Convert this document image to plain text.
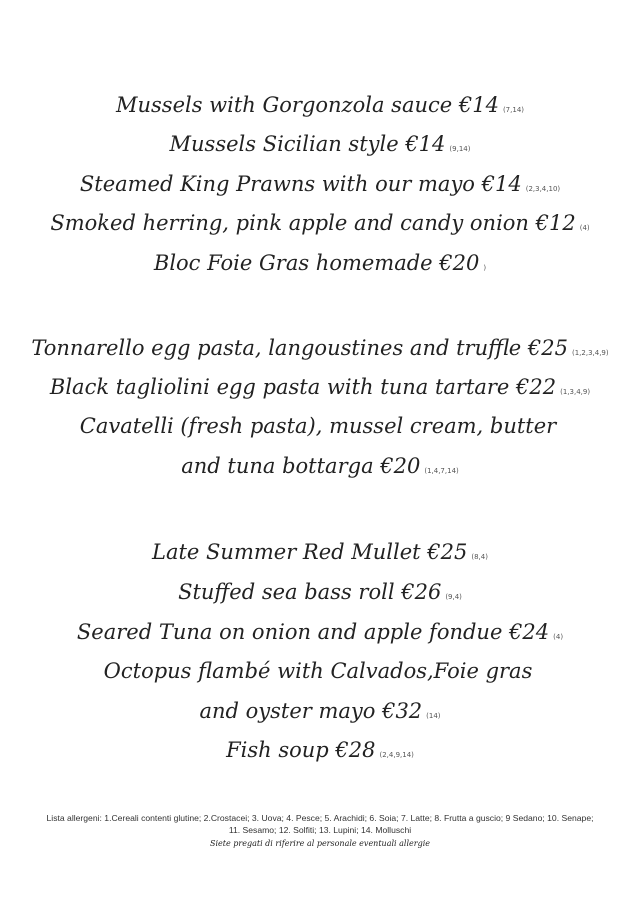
Mussels with Gorgonzola sauce €14 (7,14)
Mussels Sicilian style €14 (9,14)
Steamed King Prawns with our mayo €14 (2,3,4,10)
Smoked herring, pink apple and candy onion €12 (4)
Bloc Foie Gras homemade €20 )
Tonnarello egg pasta, langoustines and truffle €25 (1,2,3,4,9)
Black tagliolini egg pasta with tuna tartare €22 (1,3,4,9)
Cavatelli (fresh pasta), mussel cream, butter
and tuna bottarga €20 (1,4,7,14)
Late Summer Red Mullet €25 (8,4)
Stuffed sea bass roll €26 (9,4)
Seared Tuna on onion and apple fondue €24 (4)
Octopus flambé with Calvados,Foie gras
and oyster mayo €32 (14)
Fish soup €28 (2,4,9,14)
Lista allergeni: 1.Cereali contenti glutine; 2.Crostacei; 3. Uova; 4. Pesce; 5. Arachidi; 6. Soia; 7. Latte; 8. Frutta a guscio; 9 Sedano; 10. Senape; 11. Sesamo; 12. Solfiti; 13. Lupini; 14. Molluschi
Siete pregati di riferire al personale eventuali allergie
